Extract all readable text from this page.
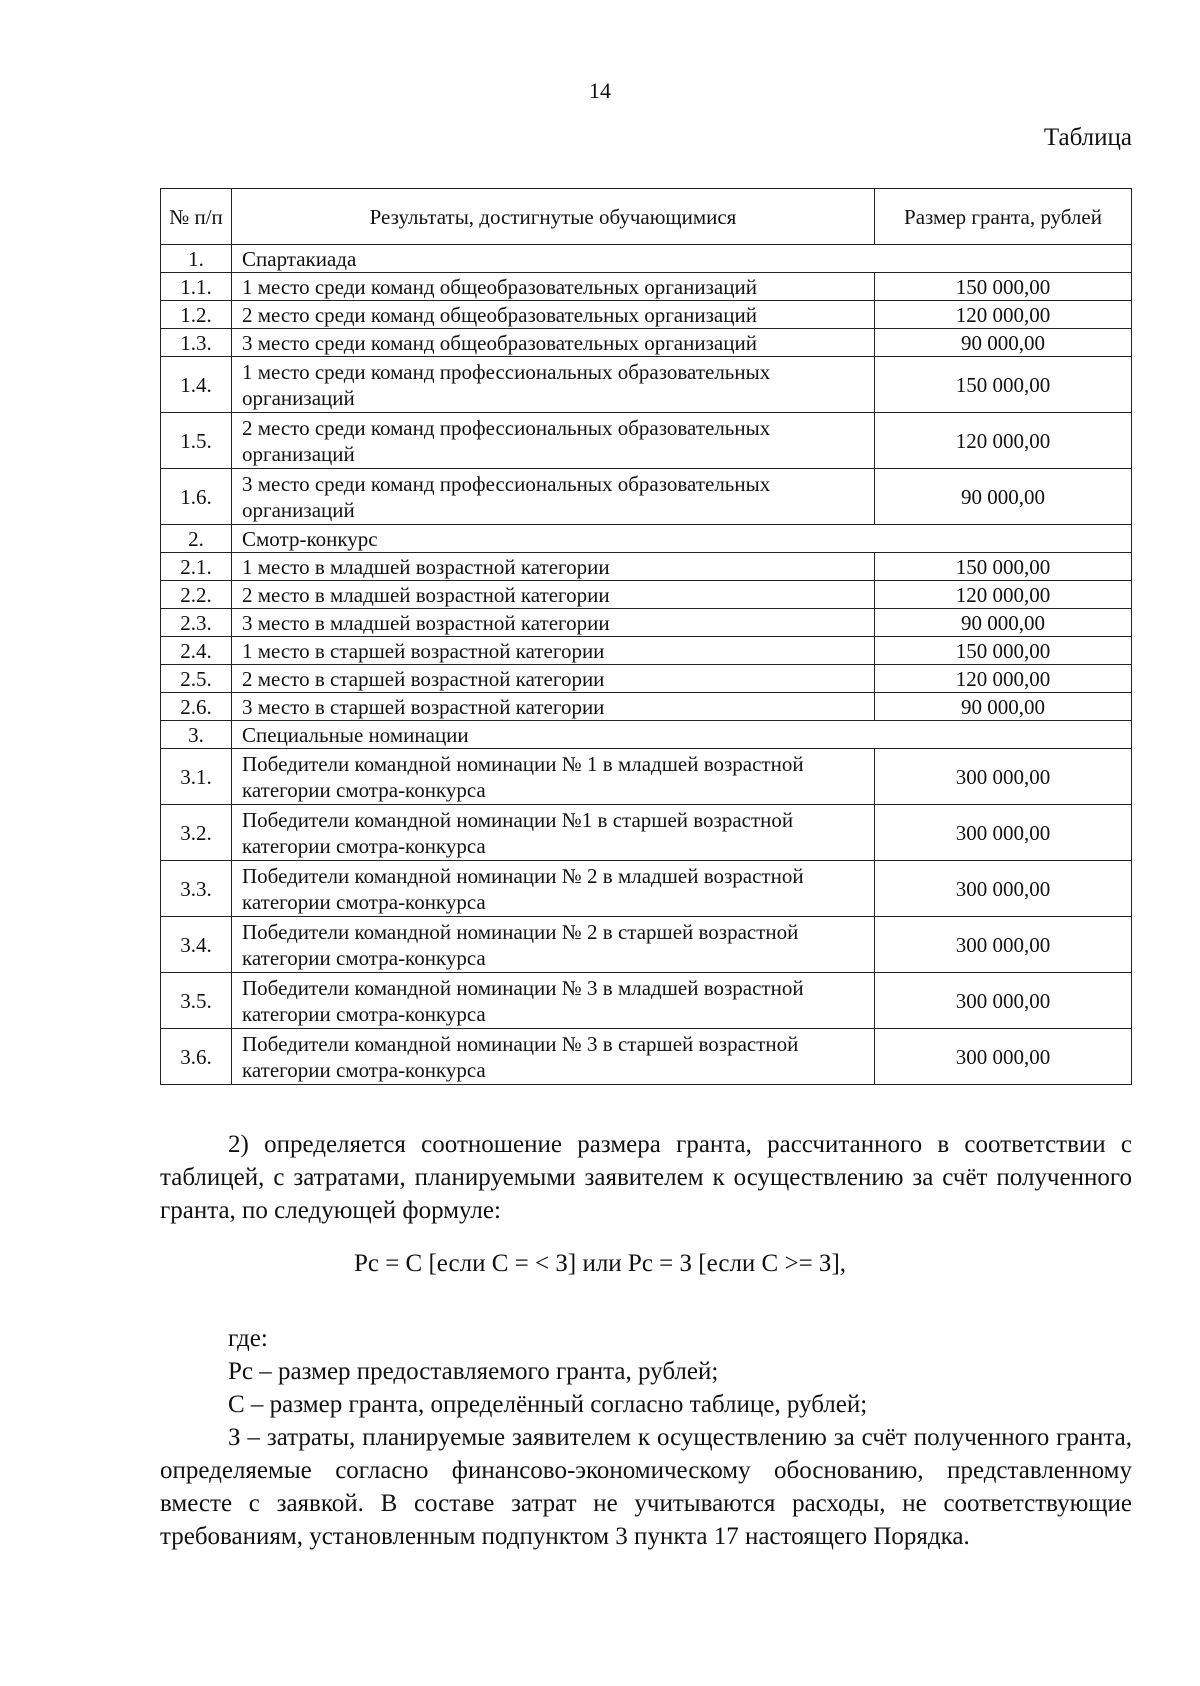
14
Таблица
№ п/п	Результаты, достигнутые обучающимися	Размер гранта, рублей
1.	Спартакиада	
1.1.	1 место среди команд общеобразовательных организаций	150 000,00
1.2.	2 место среди команд общеобразовательных организаций	120 000,00
1.3.	3 место среди команд общеобразовательных организаций	90 000,00
1.4.	1 место среди команд профессиональных образовательных организаций	150 000,00
1.5.	2 место среди команд профессиональных образовательных организаций	120 000,00
1.6.	3 место среди команд профессиональных образовательных организаций	90 000,00
2.	Смотр-конкурс	
2.1.	1 место в младшей возрастной категории	150 000,00
2.2.	2 место в младшей возрастной категории	120 000,00
2.3.	3 место в младшей возрастной категории	90 000,00
2.4.	1 место в старшей возрастной категории	150 000,00
2.5.	2 место в старшей возрастной категории	120 000,00
2.6.	3 место в старшей возрастной категории	90 000,00
3.	Специальные номинации	
3.1.	Победители командной номинации № 1 в младшей возрастной категории смотра-конкурса	300 000,00
3.2.	Победители командной номинации №1 в старшей возрастной категории смотра-конкурса	300 000,00
3.3.	Победители командной номинации № 2 в младшей возрастной категории смотра-конкурса	300 000,00
3.4.	Победители командной номинации № 2 в старшей возрастной категории смотра-конкурса	300 000,00
3.5.	Победители командной номинации № 3 в младшей возрастной категории смотра-конкурса	300 000,00
3.6.	Победители командной номинации № 3 в старшей возрастной категории смотра-конкурса	300 000,00
2) определяется соотношение размера гранта, рассчитанного в соответствии с таблицей, с затратами, планируемыми заявителем к осуществлению за счёт полученного гранта, по следующей формуле:
Рс = С [если С = < З] или Рс = З [если С >= З],
где:
Рс – размер предоставляемого гранта, рублей;
С – размер гранта, определённый согласно таблице, рублей;
З – затраты, планируемые заявителем к осуществлению за счёт полученного гранта, определяемые согласно финансово-экономическому обоснованию, представленному вместе с заявкой. В составе затрат не учитываются расходы, не соответствующие требованиям, установленным подпунктом 3 пункта 17 настоящего Порядка.
